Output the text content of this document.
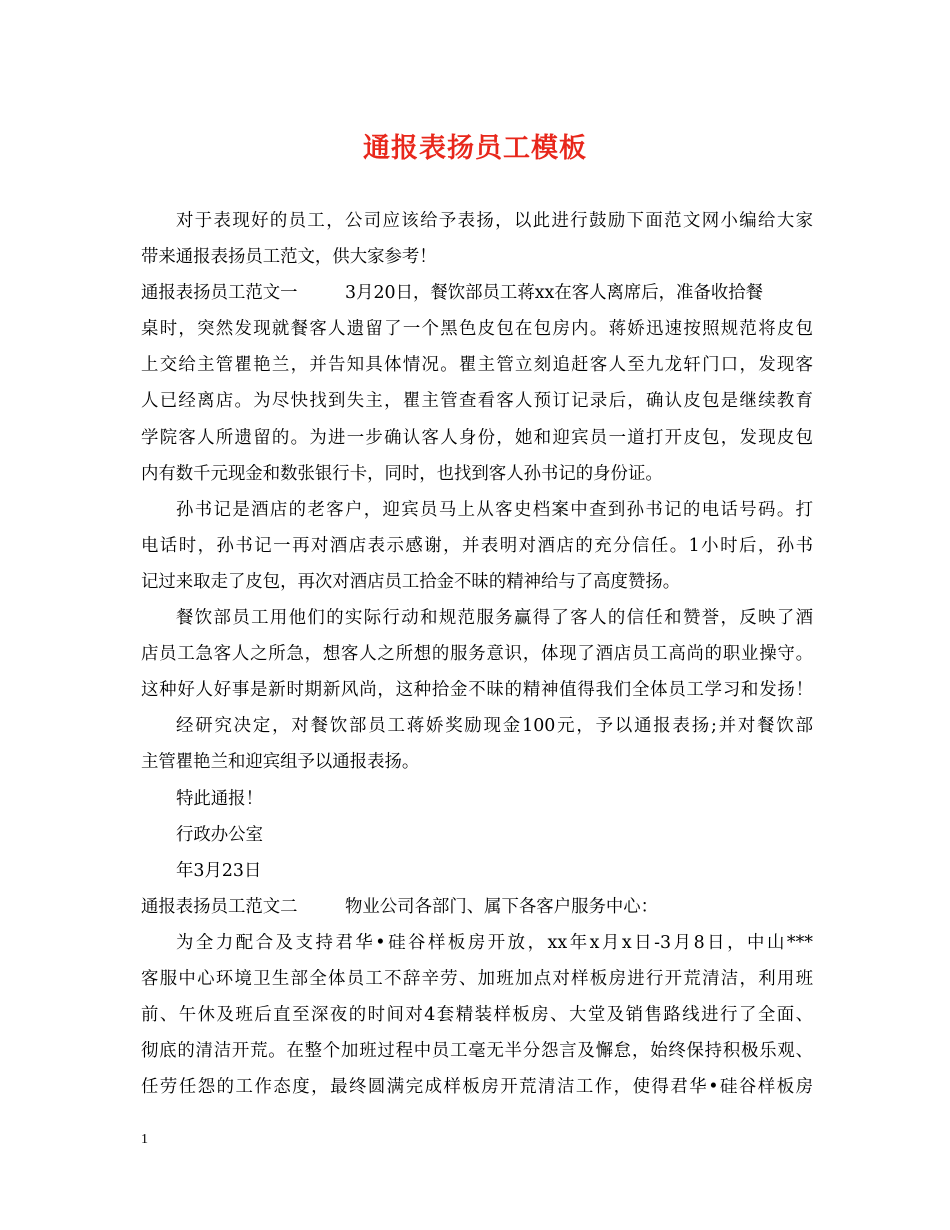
通报表扬员工模板
对于表现好的员工，公司应该给予表扬，以此进行鼓励下面范文网小编给大家
带来通报表扬员工范文，供大家参考！
通报表扬员工范文一	3月20日，餐饮部员工蒋xx在客人离席后，准备收拾餐
桌时，突然发现就餐客人遗留了一个黑色皮包在包房内。蒋娇迅速按照规范将皮包
上交给主管瞿艳兰，并告知具体情况。瞿主管立刻追赶客人至九龙轩门口，发现客
人已经离店。为尽快找到失主，瞿主管查看客人预订记录后，确认皮包是继续教育
学院客人所遗留的。为进一步确认客人身份，她和迎宾员一道打开皮包，发现皮包
内有数千元现金和数张银行卡，同时，也找到客人孙书记的身份证。
孙书记是酒店的老客户，迎宾员马上从客史档案中查到孙书记的电话号码。打
电话时，孙书记一再对酒店表示感谢，并表明对酒店的充分信任。1小时后，孙书
记过来取走了皮包，再次对酒店员工拾金不昧的精神给与了高度赞扬。
餐饮部员工用他们的实际行动和规范服务赢得了客人的信任和赞誉，反映了酒
店员工急客人之所急，想客人之所想的服务意识，体现了酒店员工高尚的职业操守。
这种好人好事是新时期新风尚，这种拾金不昧的精神值得我们全体员工学习和发扬！
经研究决定，对餐饮部员工蒋娇奖励现金100元，予以通报表扬;并对餐饮部
主管瞿艳兰和迎宾组予以通报表扬。
特此通报！
行政办公室
年3月23日
通报表扬员工范文二	物业公司各部门、属下各客户服务中心：
为全力配合及支持君华•硅谷样板房开放，xx年x月x日-3月8日，中山***
客服中心环境卫生部全体员工不辞辛劳、加班加点对样板房进行开荒清洁，利用班
前、午休及班后直至深夜的时间对4套精装样板房、大堂及销售路线进行了全面、
彻底的清洁开荒。在整个加班过程中员工毫无半分怨言及懈怠，始终保持积极乐观、
任劳任怨的工作态度，最终圆满完成样板房开荒清洁工作，使得君华•硅谷样板房
1
